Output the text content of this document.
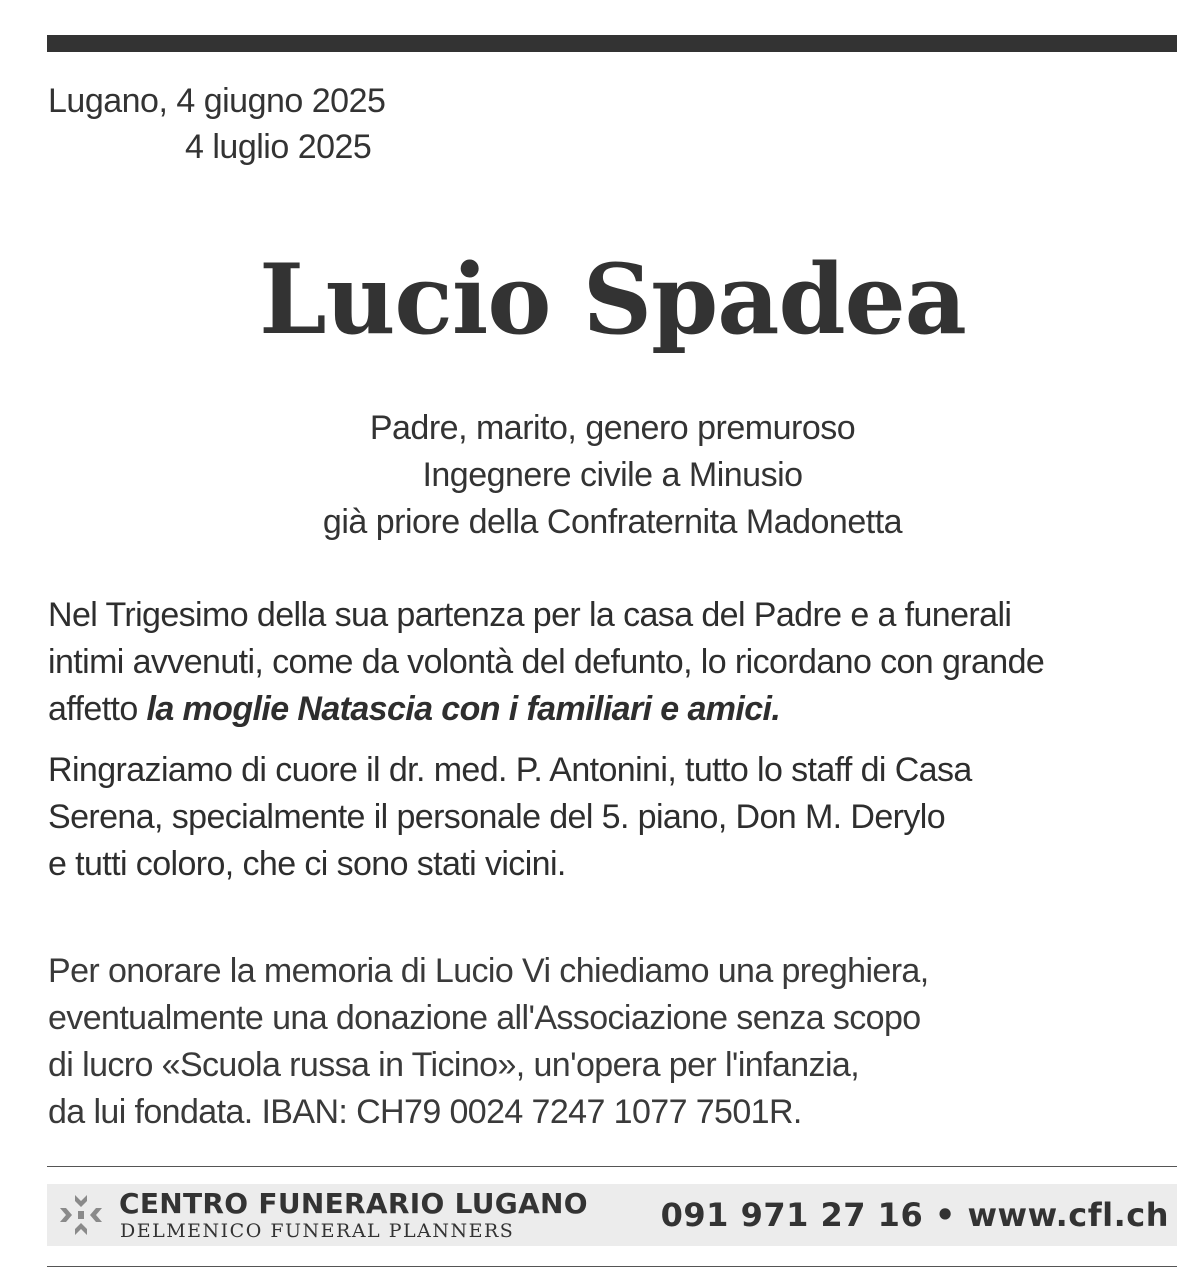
Lugano, 4 giugno 2025
4 luglio 2025
Lucio Spadea
Padre, marito, genero premuroso
Ingegnere civile a Minusio
già priore della Confraternita Madonetta
Nel Trigesimo della sua partenza per la casa del Padre e a funerali
intimi avvenuti, come da volontà del defunto, lo ricordano con grande
affetto la moglie Natascia con i familiari e amici.
Ringraziamo di cuore il dr. med. P. Antonini, tutto lo staff di Casa
Serena, specialmente il personale del 5. piano, Don M. Derylo
e tutti coloro, che ci sono stati vicini.
Per onorare la memoria di Lucio Vi chiediamo una preghiera,
eventualmente una donazione all'Associazione senza scopo
di lucro «Scuola russa in Ticino», un'opera per l'infanzia,
da lui fondata. IBAN: CH79 0024 7247 1077 7501R.
CENTRO FUNERARIO LUGANO
DELMENICO FUNERAL PLANNERS	091 971 27 16 • www.cfl.ch
